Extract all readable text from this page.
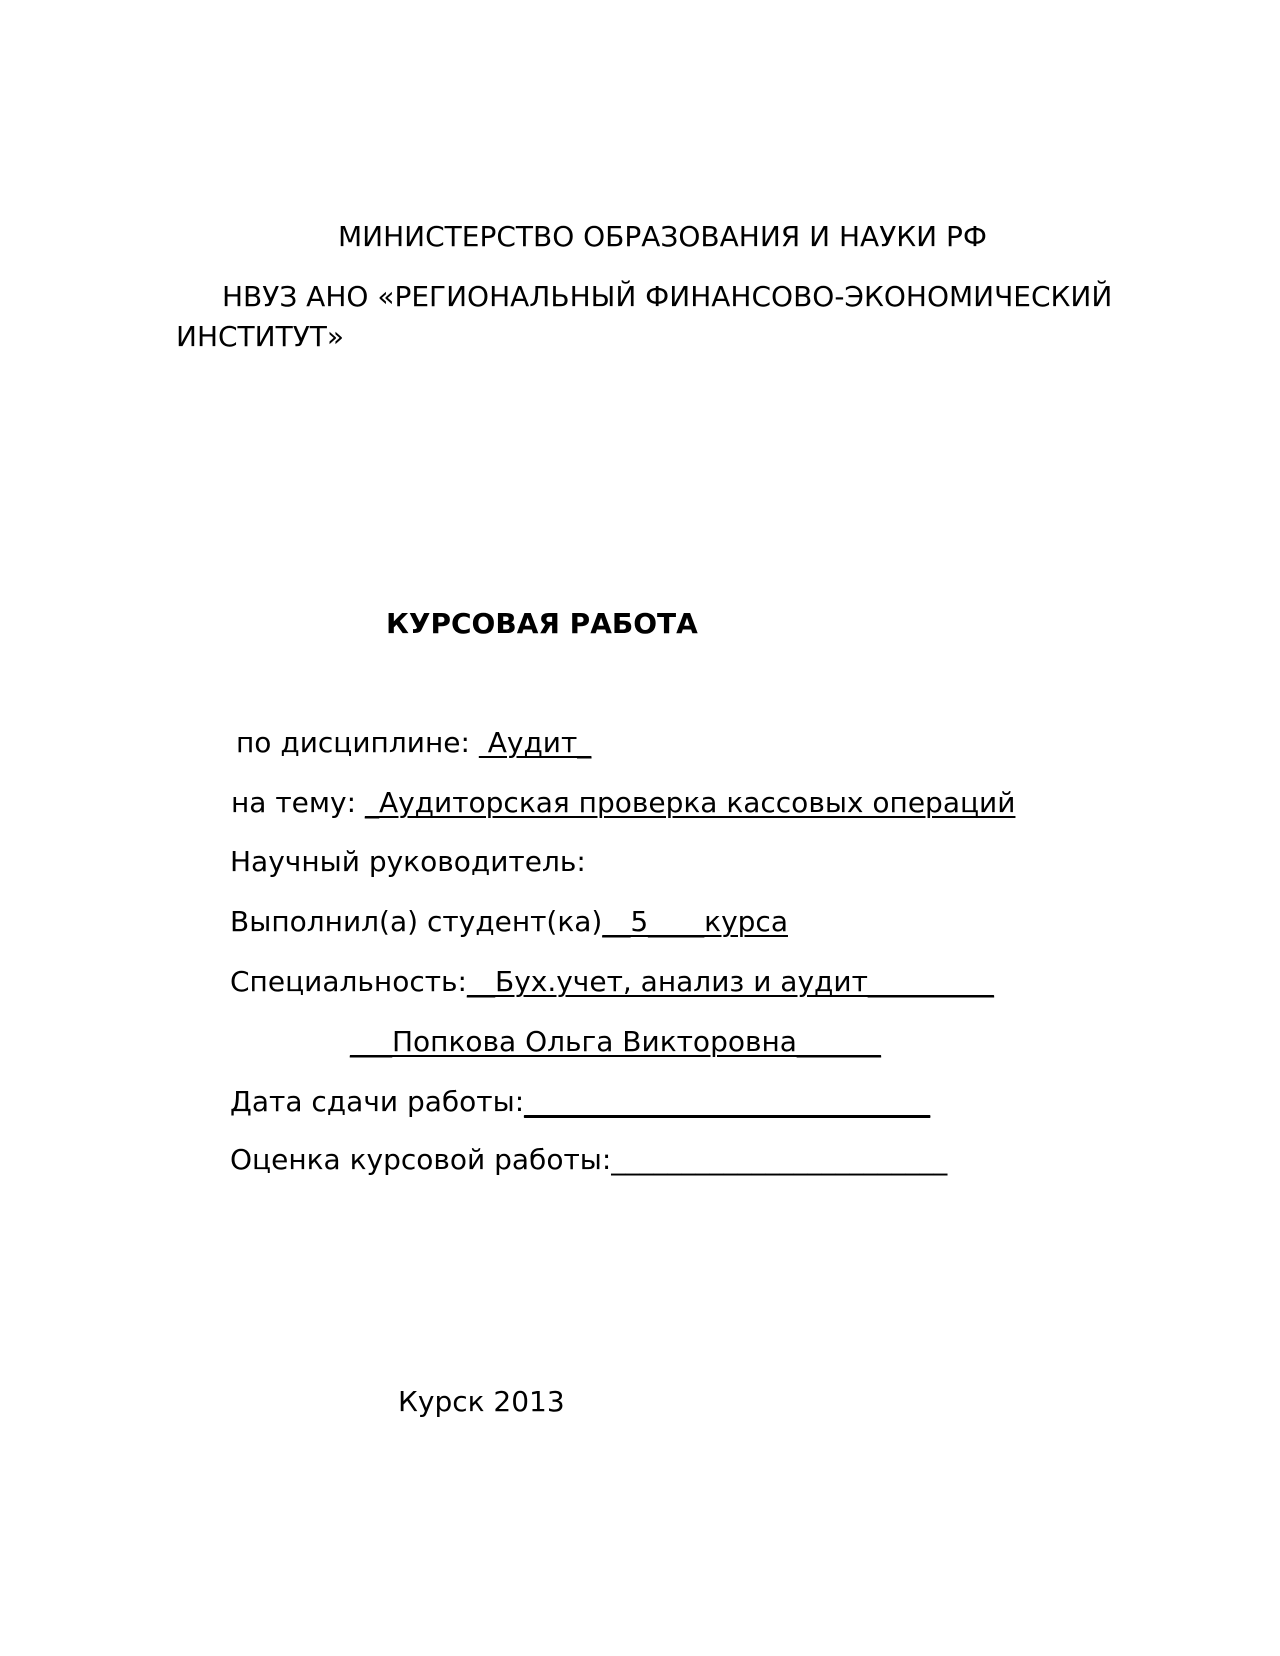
МИНИСТЕРСТВО ОБРАЗОВАНИЯ И НАУКИ РФ

НВУЗ АНО «РЕГИОНАЛЬНЫЙ ФИНАНСОВО-ЭКОНОМИЧЕСКИЙ

ИНСТИТУТ»

КУРСОВАЯ РАБОТА

по дисциплине:  Аудит_

на тему: _Аудиторская проверка кассовых операций

Научный руководитель:

Выполнил(а) студент(ка)__5____курса

Специальность:__Бух.учет, анализ и аудит_________

___Попкова Ольга Викторовна______

Дата сдачи работы:_____________________________

Оценка курсовой работы:________________________

Курск 2013
